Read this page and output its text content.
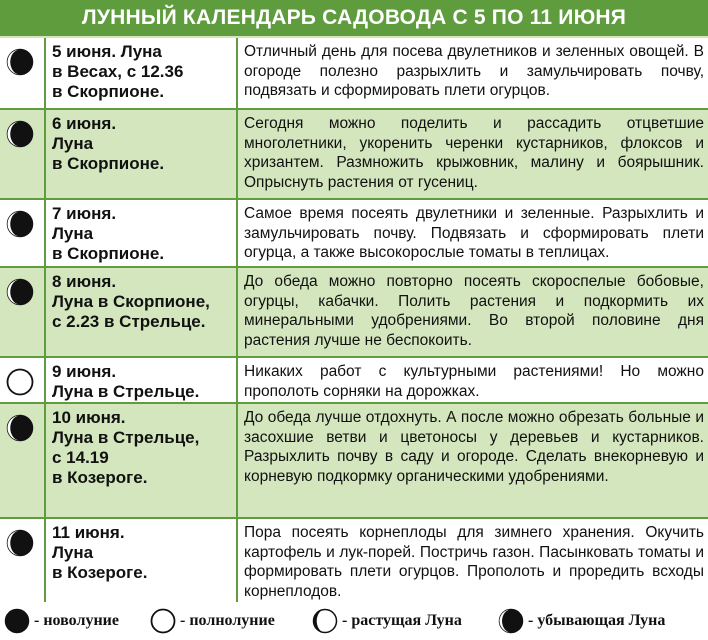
ЛУННЫЙ КАЛЕНДАРЬ САДОВОДА С 5 ПО 11 ИЮНЯ
5 июня. Луна
в Весах, с 12.36
в Скорпионе.
Отличный день для посева двулетников и зеленных овощей. В огороде полезно разрыхлить и замульчировать почву, подвязать и сформировать плети огурцов.
6 июня.
Луна
в Скорпионе.
Сегодня можно поделить и рассадить отцветшие многолетники, укоренить черенки кустарников, флоксов и хризантем. Размножить крыжовник, малину и боярышник. Опрыснуть растения от гусениц.
7 июня.
Луна
в Скорпионе.
Самое время посеять двулетники и зеленные. Разрыхлить и замульчировать почву. Подвязать и сформировать плети огурца, а также высокорослые томаты в теплицах.
8 июня.
Луна в Скорпионе,
с 2.23 в Стрельце.
До обеда можно повторно посеять скороспелые бобовые, огурцы, кабачки. Полить растения и подкормить их минеральными удобрениями. Во второй половине дня растения лучше не беспокоить.
9 июня.
Луна в Стрельце.
Никаких работ с культурными растениями! Но можно прополоть сорняки на дорожках.
10 июня.
Луна в Стрельце,
с 14.19
в Козероге.
До обеда лучше отдохнуть. А после можно обрезать больные и засохшие ветви и цветоносы у деревьев и кустарников. Разрыхлить почву в саду и огороде. Сделать внекорневую и корневую подкормку органическими удобрениями.
11 июня.
Луна
в Козероге.
Пора посеять корнеплоды для зимнего хранения. Окучить картофель и лук-порей. Постричь газон. Пасынковать томаты и формировать плети огурцов. Прополоть и проредить всходы корнеплодов.
- новолуние	- полнолуние	- растущая Луна	- убывающая Луна
